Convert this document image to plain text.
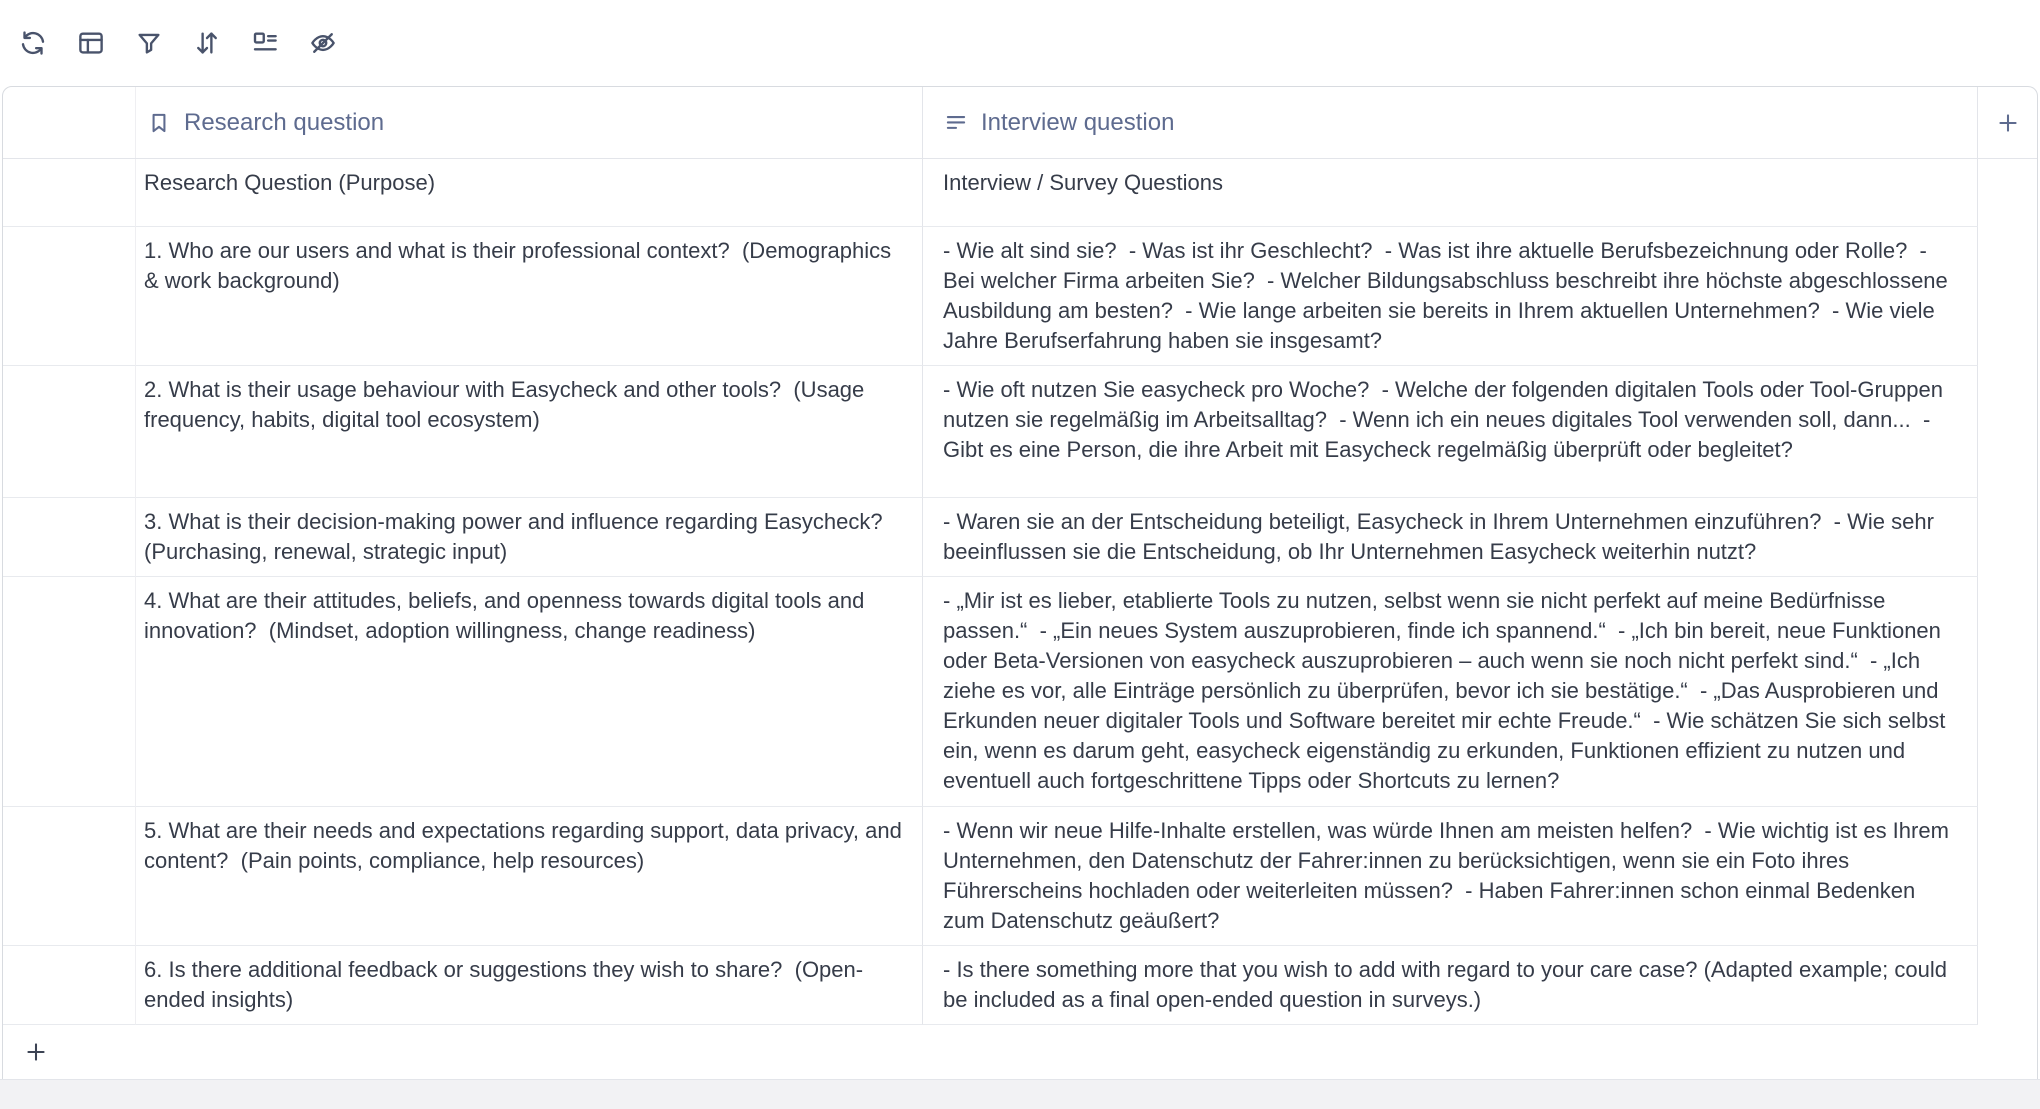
Research question	Interview question
Research Question (Purpose)	Interview / Survey Questions
1. Who are our users and what is their professional context?  (Demographics & work background)
- Wie alt sind sie?  - Was ist ihr Geschlecht?  - Was ist ihre aktuelle Berufsbezeichnung oder Rolle?  - Bei welcher Firma arbeiten Sie?  - Welcher Bildungsabschluss beschreibt ihre höchste abgeschlossene Ausbildung am besten?  - Wie lange arbeiten sie bereits in Ihrem aktuellen Unternehmen?  - Wie viele Jahre Berufserfahrung haben sie insgesamt?
2. What is their usage behaviour with Easycheck and other tools?  (Usage frequency, habits, digital tool ecosystem)
- Wie oft nutzen Sie easycheck pro Woche?  - Welche der folgenden digitalen Tools oder Tool-Gruppen nutzen sie regelmäßig im Arbeitsalltag?  - Wenn ich ein neues digitales Tool verwenden soll, dann...  - Gibt es eine Person, die ihre Arbeit mit Easycheck regelmäßig überprüft oder begleitet?
3. What is their decision-making power and influence regarding Easycheck?  (Purchasing, renewal, strategic input)
- Waren sie an der Entscheidung beteiligt, Easycheck in Ihrem Unternehmen einzuführen?  - Wie sehr beeinflussen sie die Entscheidung, ob Ihr Unternehmen Easycheck weiterhin nutzt?
4. What are their attitudes, beliefs, and openness towards digital tools and innovation?  (Mindset, adoption willingness, change readiness)
- „Mir ist es lieber, etablierte Tools zu nutzen, selbst wenn sie nicht perfekt auf meine Bedürfnisse passen.“  - „Ein neues System auszuprobieren, finde ich spannend.“  - „Ich bin bereit, neue Funktionen oder Beta-Versionen von easycheck auszuprobieren – auch wenn sie noch nicht perfekt sind.“  - „Ich ziehe es vor, alle Einträge persönlich zu überprüfen, bevor ich sie bestätige.“  - „Das Ausprobieren und Erkunden neuer digitaler Tools und Software bereitet mir echte Freude.“  - Wie schätzen Sie sich selbst ein, wenn es darum geht, easycheck eigenständig zu erkunden, Funktionen effizient zu nutzen und eventuell auch fortgeschrittene Tipps oder Shortcuts zu lernen?
5. What are their needs and expectations regarding support, data privacy, and content?  (Pain points, compliance, help resources)
- Wenn wir neue Hilfe-Inhalte erstellen, was würde Ihnen am meisten helfen?  - Wie wichtig ist es Ihrem Unternehmen, den Datenschutz der Fahrer:innen zu berücksichtigen, wenn sie ein Foto ihres Führerscheins hochladen oder weiterleiten müssen?  - Haben Fahrer:innen schon einmal Bedenken zum Datenschutz geäußert?
6. Is there additional feedback or suggestions they wish to share?  (Open-ended insights)
- Is there something more that you wish to add with regard to your care case? (Adapted example; could be included as a final open-ended question in surveys.)
